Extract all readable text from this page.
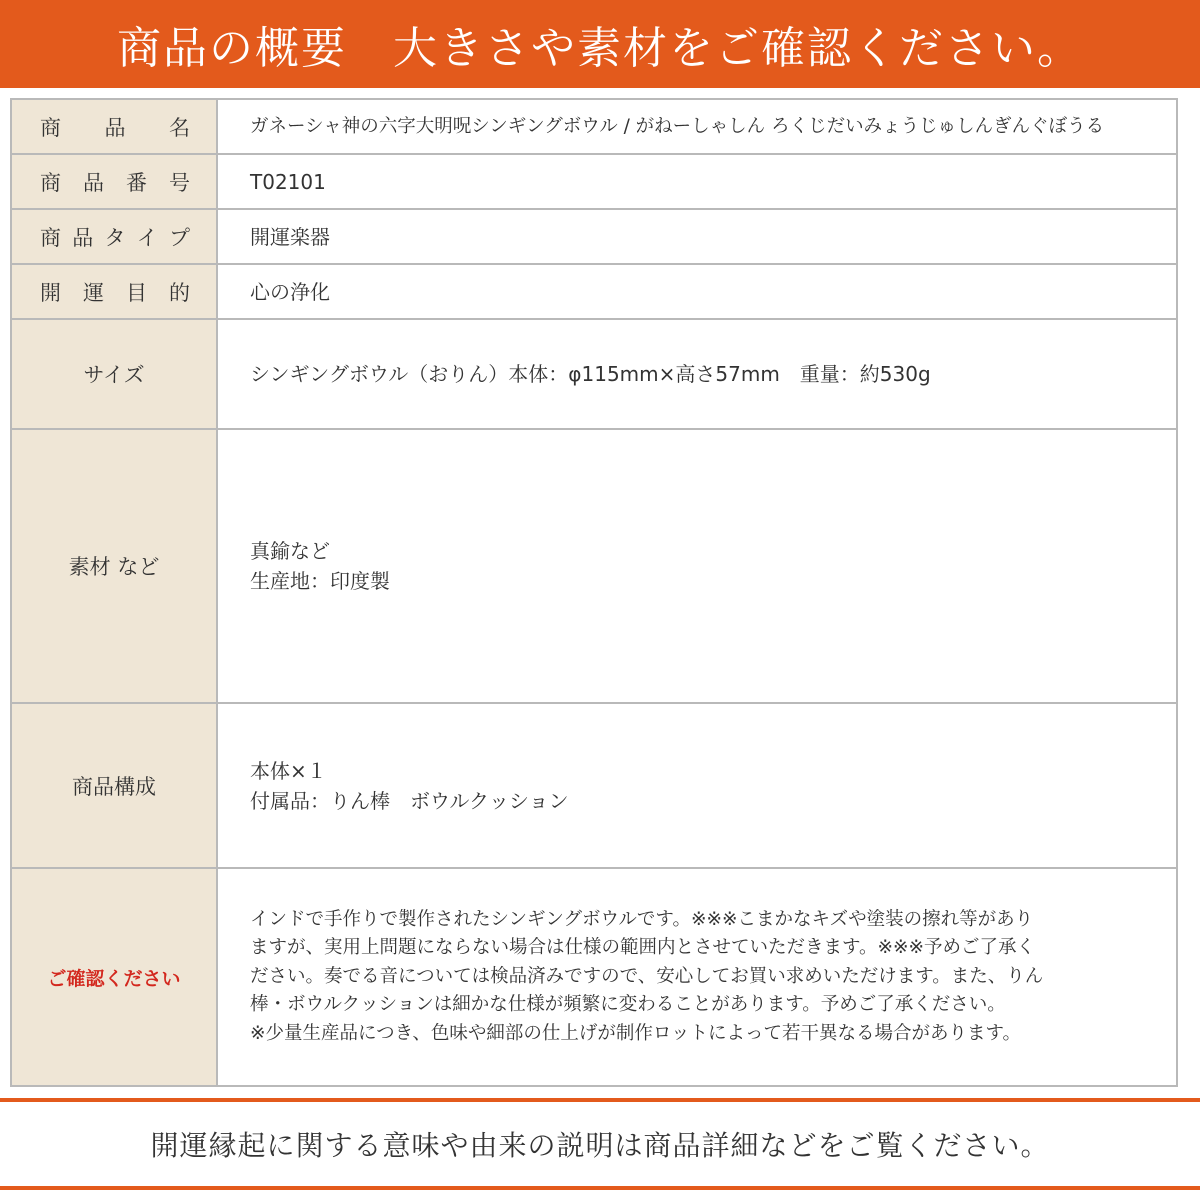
商品の概要　大きさや素材をご確認ください。
商 品 名	ガネーシャ神の六字大明呪シンギングボウル / がねーしゃしん ろくじだいみょうじゅしんぎんぐぼうる

商 品 番 号	T02101

商 品 タ イ プ	開運楽器

開 運 目 的	心の浄化

サイズ	シンギングボウル（おりん）本体：φ115mm×高さ57mm　重量：約530g

素材 など	真鍮など
生産地：印度製

商品構成	本体×１
付属品：りん棒　ボウルクッション

ご確認ください	インドで手作りで製作されたシンギングボウルです。※※※こまかなキズや塗装の擦れ等があり
ますが、実用上問題にならない場合は仕様の範囲内とさせていただきます。※※※予めご了承く
ださい。奏でる音については検品済みですので、安心してお買い求めいただけます。また、りん
棒・ボウルクッションは細かな仕様が頻繁に変わることがあります。予めご了承ください。
※少量生産品につき、色味や細部の仕上げが制作ロットによって若干異なる場合があります。
開運縁起に関する意味や由来の説明は商品詳細などをご覧ください。
